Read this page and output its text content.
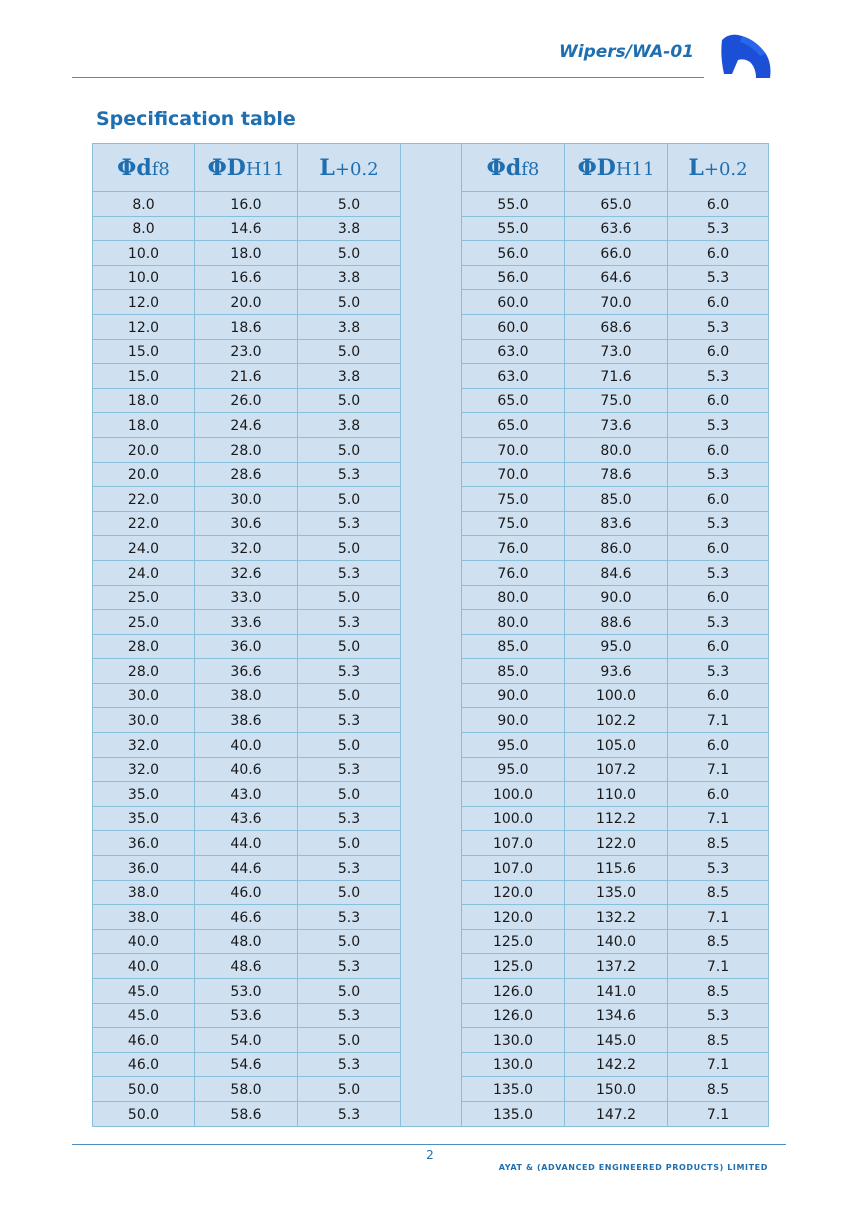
Wipers/WA-01
Specification table
Φdf8	ΦDH11	L+0.2		Φdf8	ΦDH11	L+0.2
8.0	16.0	5.0		55.0	65.0	6.0
8.0	14.6	3.8		55.0	63.6	5.3
10.0	18.0	5.0		56.0	66.0	6.0
10.0	16.6	3.8		56.0	64.6	5.3
12.0	20.0	5.0		60.0	70.0	6.0
12.0	18.6	3.8		60.0	68.6	5.3
15.0	23.0	5.0		63.0	73.0	6.0
15.0	21.6	3.8		63.0	71.6	5.3
18.0	26.0	5.0		65.0	75.0	6.0
18.0	24.6	3.8		65.0	73.6	5.3
20.0	28.0	5.0		70.0	80.0	6.0
20.0	28.6	5.3		70.0	78.6	5.3
22.0	30.0	5.0		75.0	85.0	6.0
22.0	30.6	5.3		75.0	83.6	5.3
24.0	32.0	5.0		76.0	86.0	6.0
24.0	32.6	5.3		76.0	84.6	5.3
25.0	33.0	5.0		80.0	90.0	6.0
25.0	33.6	5.3		80.0	88.6	5.3
28.0	36.0	5.0		85.0	95.0	6.0
28.0	36.6	5.3		85.0	93.6	5.3
30.0	38.0	5.0		90.0	100.0	6.0
30.0	38.6	5.3		90.0	102.2	7.1
32.0	40.0	5.0		95.0	105.0	6.0
32.0	40.6	5.3		95.0	107.2	7.1
35.0	43.0	5.0		100.0	110.0	6.0
35.0	43.6	5.3		100.0	112.2	7.1
36.0	44.0	5.0		107.0	122.0	8.5
36.0	44.6	5.3		107.0	115.6	5.3
38.0	46.0	5.0		120.0	135.0	8.5
38.0	46.6	5.3		120.0	132.2	7.1
40.0	48.0	5.0		125.0	140.0	8.5
40.0	48.6	5.3		125.0	137.2	7.1
45.0	53.0	5.0		126.0	141.0	8.5
45.0	53.6	5.3		126.0	134.6	5.3
46.0	54.0	5.0		130.0	145.0	8.5
46.0	54.6	5.3		130.0	142.2	7.1
50.0	58.0	5.0		135.0	150.0	8.5
50.0	58.6	5.3		135.0	147.2	7.1
2
AYAT & (ADVANCED ENGINEERED PRODUCTS) LIMITED
